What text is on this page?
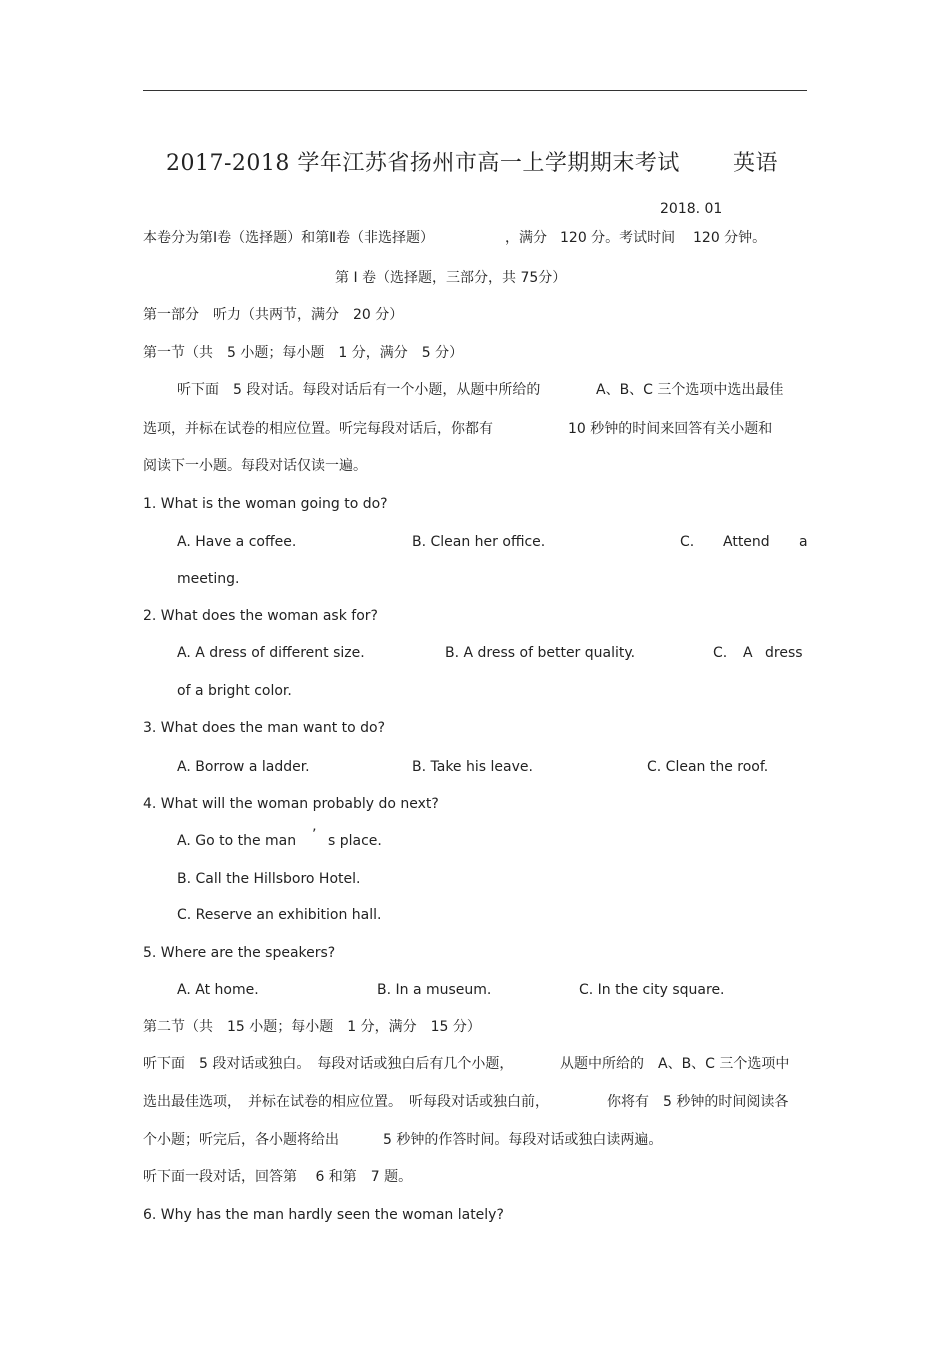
2017-2018 学年江苏省扬州市高一上学期期末考试 英语
2018. 01
本卷分为第Ⅰ卷（选择题）和第Ⅱ卷（非选择题）	，满分 120 分。考试时间 120 分钟。
第 Ⅰ 卷（选择题，三部分，共 75分）
第一部分　听力（共两节，满分　20 分）
第一节（共　5 小题；每小题　1 分，满分　5 分）
听下面　5 段对话。每段对话后有一个小题，从题中所给的	A、B、C 三个选项中选出最佳
选项，并标在试卷的相应位置。听完每段对话后，你都有	10 秒钟的时间来回答有关小题和
阅读下一小题。每段对话仅读一遍。
1. What is the woman going to do?
A. Have a coffee.	B. Clean her office.	C. Attend a
meeting.
2. What does the woman ask for?
A. A dress of different size.	B. A dress of better quality.	C. A dress
of a bright color.
3. What does the man want to do?
A. Borrow a ladder.	B. Take his leave.	C. Clean the roof.
4. What will the woman probably do next?
A. Go to the man ’ s place.
B. Call the Hillsboro Hotel.
C. Reserve an exhibition hall.
5. Where are the speakers?
A. At home.	B. In a museum.	C. In the city square.
第二节（共　15 小题；每小题　1 分，满分　15 分）
听下面　5 段对话或独白。　每段对话或独白后有几个小题，	从题中所给的　A、B、C 三个选项中
选出最佳选项，　并标在试卷的相应位置。　听每段对话或独白前，	你将有　5 秒钟的时间阅读各
个小题；听完后，各小题将给出	5 秒钟的作答时间。每段对话或独白读两遍。
听下面一段对话，回答第　 6 和第　7 题。
6. Why has the man hardly seen the woman lately?
